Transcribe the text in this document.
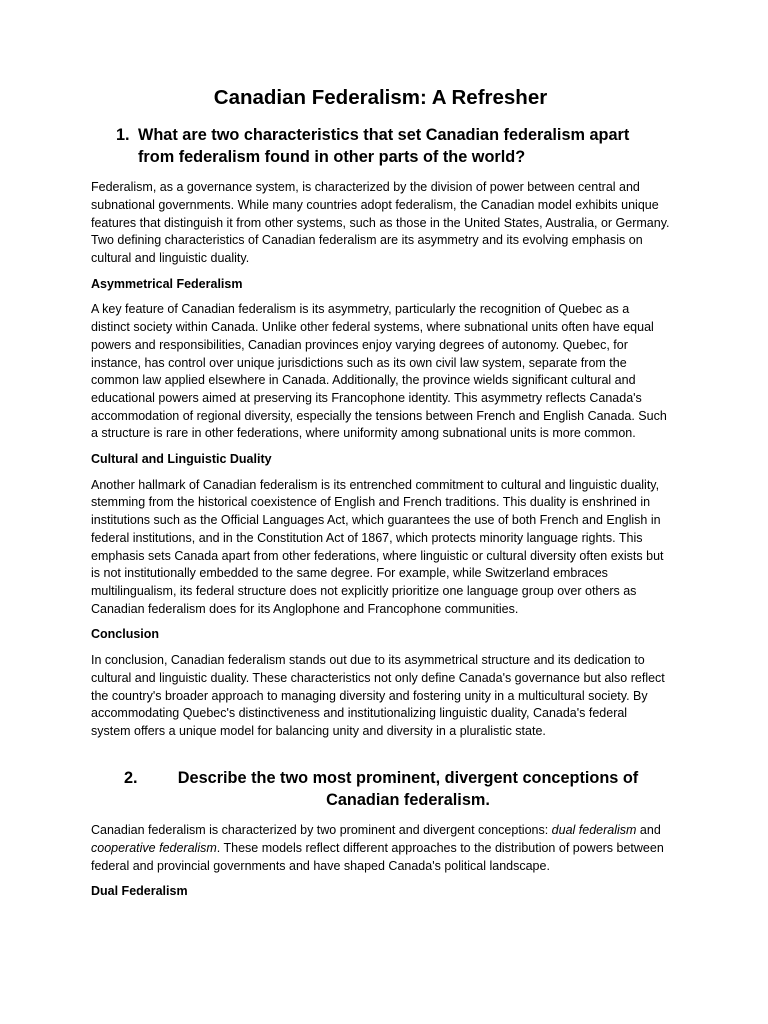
Canadian Federalism: A Refresher
1. What are two characteristics that set Canadian federalism apart from federalism found in other parts of the world?

Federalism, as a governance system, is characterized by the division of power between central and subnational governments. While many countries adopt federalism, the Canadian model exhibits unique features that distinguish it from other systems, such as those in the United States, Australia, or Germany. Two defining characteristics of Canadian federalism are its asymmetry and its evolving emphasis on cultural and linguistic duality.

Asymmetrical Federalism

A key feature of Canadian federalism is its asymmetry, particularly the recognition of Quebec as a distinct society within Canada. Unlike other federal systems, where subnational units often have equal powers and responsibilities, Canadian provinces enjoy varying degrees of autonomy. Quebec, for instance, has control over unique jurisdictions such as its own civil law system, separate from the common law applied elsewhere in Canada. Additionally, the province wields significant cultural and educational powers aimed at preserving its Francophone identity. This asymmetry reflects Canada's accommodation of regional diversity, especially the tensions between French and English Canada. Such a structure is rare in other federations, where uniformity among subnational units is more common.

Cultural and Linguistic Duality

Another hallmark of Canadian federalism is its entrenched commitment to cultural and linguistic duality, stemming from the historical coexistence of English and French traditions. This duality is enshrined in institutions such as the Official Languages Act, which guarantees the use of both French and English in federal institutions, and in the Constitution Act of 1867, which protects minority language rights. This emphasis sets Canada apart from other federations, where linguistic or cultural diversity often exists but is not institutionally embedded to the same degree. For example, while Switzerland embraces multilingualism, its federal structure does not explicitly prioritize one language group over others as Canadian federalism does for its Anglophone and Francophone communities.

Conclusion

In conclusion, Canadian federalism stands out due to its asymmetrical structure and its dedication to cultural and linguistic duality. These characteristics not only define Canada's governance but also reflect the country's broader approach to managing diversity and fostering unity in a multicultural society. By accommodating Quebec's distinctiveness and institutionalizing linguistic duality, Canada's federal system offers a unique model for balancing unity and diversity in a pluralistic state.

2.	Describe the two most prominent, divergent conceptions of Canadian federalism.

Canadian federalism is characterized by two prominent and divergent conceptions: dual federalism and cooperative federalism. These models reflect different approaches to the distribution of powers between federal and provincial governments and have shaped Canada's political landscape.

Dual Federalism
